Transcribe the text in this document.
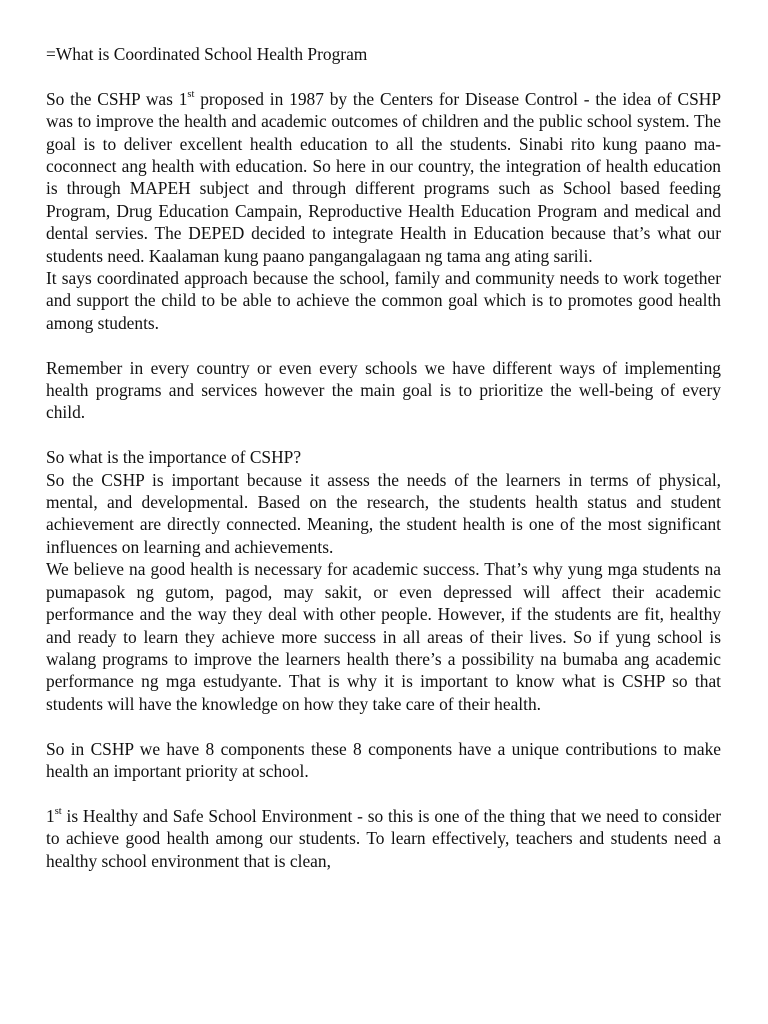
=What is Coordinated School Health Program

So the CSHP was 1st proposed in 1987 by the Centers for Disease Control - the idea of CSHP was to improve the health and academic outcomes of children and the public school system. The goal is to deliver excellent health education to all the students. Sinabi rito kung paano ma-coconnect ang health with education. So here in our country, the integration of health education is through MAPEH subject and through different programs such as School based feeding Program, Drug Education Campain, Reproductive Health Education Program and medical and dental servies. The DEPED decided to integrate Health in Education because that’s what our students need. Kaalaman kung paano pangangalagaan ng tama ang ating sarili.

It says coordinated approach because the school, family and community needs to work together and support the child to be able to achieve the common goal which is to promotes good health among students.

Remember in every country or even every schools we have different ways of implementing health programs and services however the main goal is to prioritize the well-being of every child.

So what is the importance of CSHP?

So the CSHP is important because it assess the needs of the learners in terms of physical, mental, and developmental. Based on the research, the students health status and student achievement are directly connected. Meaning, the student health is one of the most significant influences on learning and achievements.

We believe na good health is necessary for academic success. That’s why yung mga students na pumapasok ng gutom, pagod, may sakit, or even depressed will affect their academic performance and the way they deal with other people. However, if the students are fit, healthy and ready to learn they achieve more success in all areas of their lives. So if yung school is walang programs to improve the learners health there’s a possibility na bumaba ang academic performance ng mga estudyante. That is why it is important to know what is CSHP so that students will have the knowledge on how they take care of their health.

So in CSHP we have 8 components these 8 components have a unique contributions to make health an important priority at school.

1st is Healthy and Safe School Environment - so this is one of the thing that we need to consider to achieve good health among our students. To learn effectively, teachers and students need a healthy school environment that is clean,
